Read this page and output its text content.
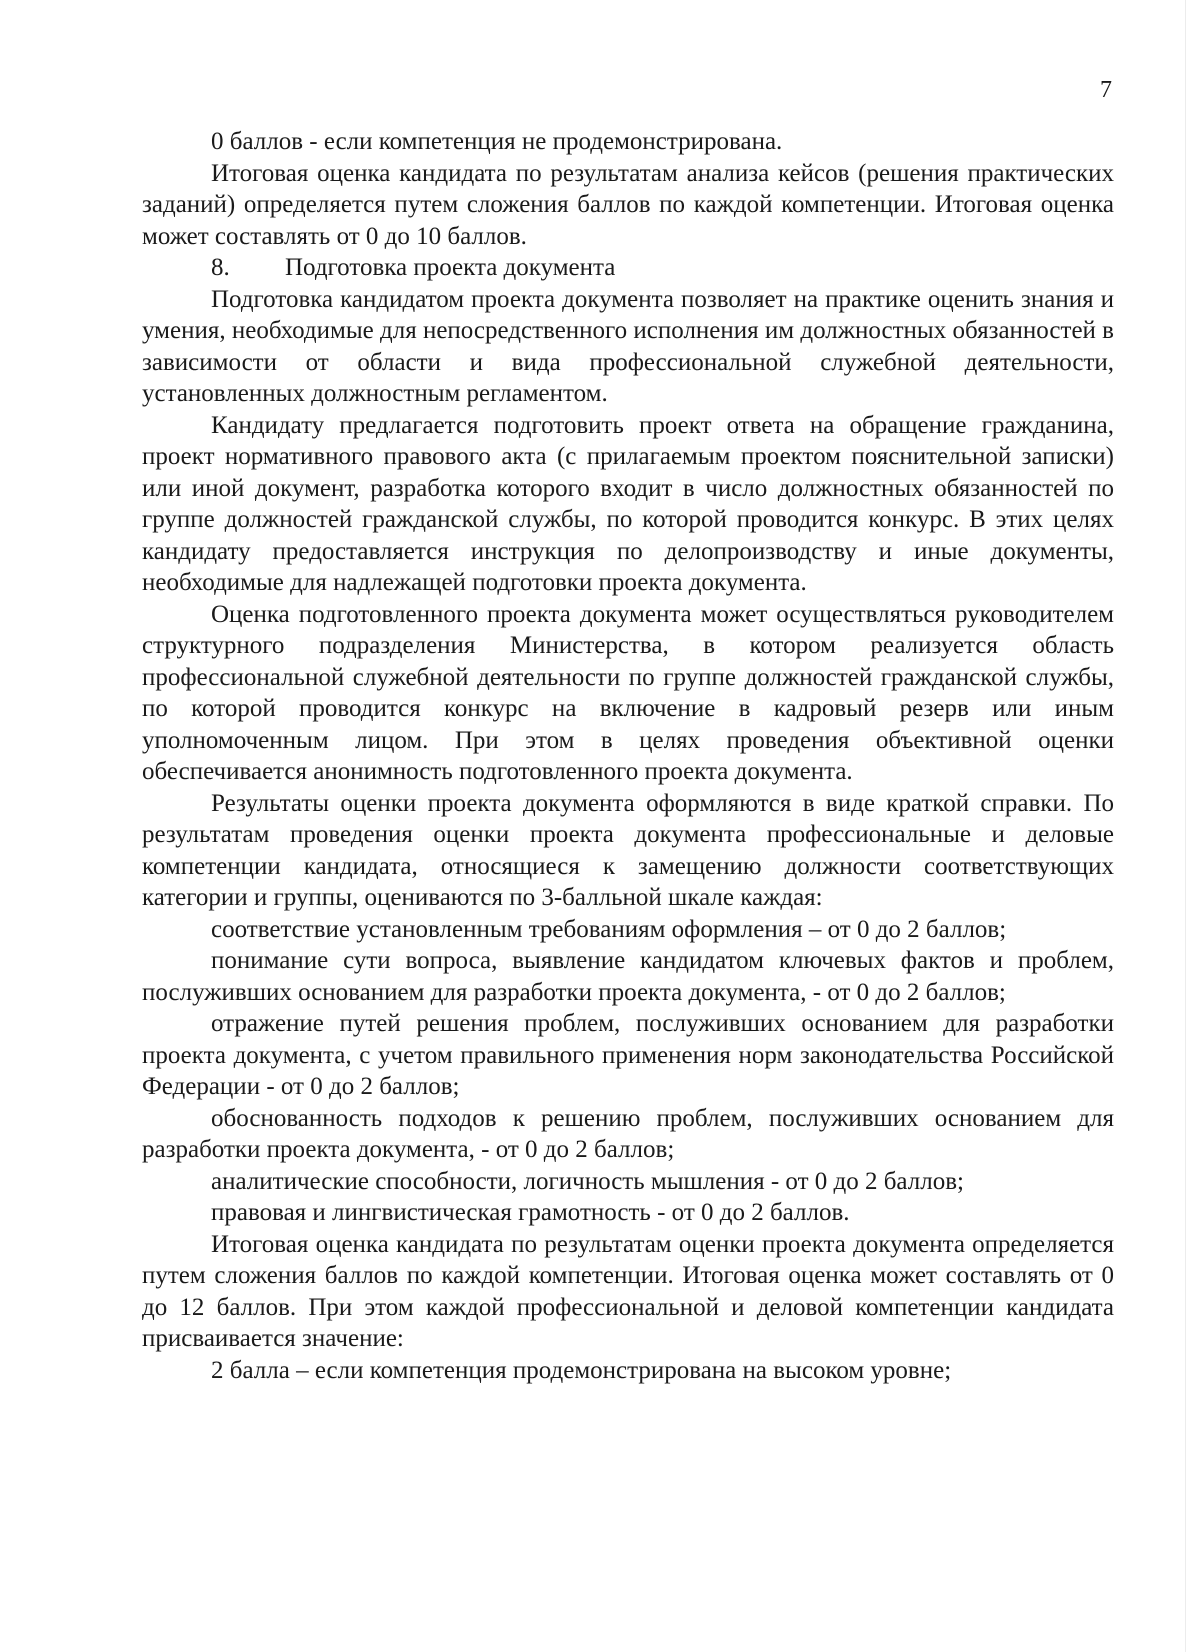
7

0 баллов - если компетенция не продемонстрирована.

Итоговая оценка кандидата по результатам анализа кейсов (решения практических заданий) определяется путем сложения баллов по каждой компетенции. Итоговая оценка может составлять от 0 до 10 баллов.

8. Подготовка проекта документа

Подготовка кандидатом проекта документа позволяет на практике оценить знания и умения, необходимые для непосредственного исполнения им должностных обязанностей в зависимости от области и вида профессиональной служебной деятельности, установленных должностным регламентом.

Кандидату предлагается подготовить проект ответа на обращение гражданина, проект нормативного правового акта (с прилагаемым проектом пояснительной записки) или иной документ, разработка которого входит в число должностных обязанностей по группе должностей гражданской службы, по которой проводится конкурс. В этих целях кандидату предоставляется инструкция по делопроизводству и иные документы, необходимые для надлежащей подготовки проекта документа.

Оценка подготовленного проекта документа может осуществляться руководителем структурного подразделения Министерства, в котором реализуется область профессиональной служебной деятельности по группе должностей гражданской службы, по которой проводится конкурс на включение в кадровый резерв или иным уполномоченным лицом. При этом в целях проведения объективной оценки обеспечивается анонимность подготовленного проекта документа.

Результаты оценки проекта документа оформляются в виде краткой справки. По результатам проведения оценки проекта документа профессиональные и деловые компетенции кандидата, относящиеся к замещению должности соответствующих категории и группы, оцениваются по 3-балльной шкале каждая:

соответствие установленным требованиям оформления – от 0 до 2 баллов;

понимание сути вопроса, выявление кандидатом ключевых фактов и проблем, послуживших основанием для разработки проекта документа, - от 0 до 2 баллов;

отражение путей решения проблем, послуживших основанием для разработки проекта документа, с учетом правильного применения норм законодательства Российской Федерации - от 0 до 2 баллов;

обоснованность подходов к решению проблем, послуживших основанием для разработки проекта документа, - от 0 до 2 баллов;

аналитические способности, логичность мышления - от 0 до 2 баллов;

правовая и лингвистическая грамотность - от 0 до 2 баллов.

Итоговая оценка кандидата по результатам оценки проекта документа определяется путем сложения баллов по каждой компетенции. Итоговая оценка может составлять от 0 до 12 баллов. При этом каждой профессиональной и деловой компетенции кандидата присваивается значение:

2 балла – если компетенция продемонстрирована на высоком уровне;
